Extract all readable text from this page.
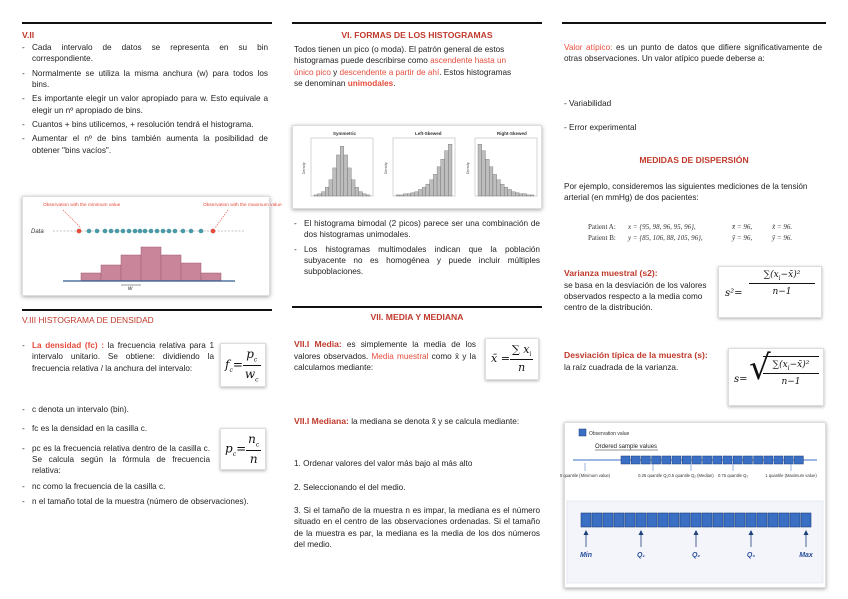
V.II
- Cada intervalo de datos se representa en su bin correspondiente.
- Normalmente se utiliza la misma anchura (w) para todos los bins.
- Es importante elegir un valor apropiado para w. Esto equivale a elegir un nº apropiado de bins.
- Cuantos + bins utilicemos, + resolución tendrá el histograma.
- Aumentar el nº de bins también aumenta la posibilidad de obtener "bins vacíos".
Observation with the minimum value	Observation with the maximum value
Data
w
V.III HISTOGRAMA DE DENSIDAD
- La densidad (fc) : la frecuencia relativa para 1 intervalo unitario. Se obtiene: dividiendo la frecuencia relativa / la anchura del intervalo:
- c denota un intervalo (bin).
- fc es la densidad en la casilla c.
- pc es la frecuencia relativa dentro de la casilla c. Se calcula según la fórmula de frecuencia relativa:
- nc como la frecuencia de la casilla c.
- n el tamaño total de la muestra (número de observaciones).
$f_c= \frac{p_c}{w_c}$
$p_c= \frac{n_c}{n}$
VI. FORMAS DE LOS HISTOGRAMAS
Todos tienen un pico (o moda). El patrón general de estos histogramas puede describirse como ascendente hasta un único pico y descendente a partir de ahí. Estos histogramas se denominan unimodales.
Symmetric
Density
Left-Skewed
Density
Right-Skewed
Density
- El histograma bimodal (2 picos) parece ser una combinación de dos histogramas unimodales.
- Los histogramas multimodales indican que la población subyacente no es homogénea y puede incluir múltiples subpoblaciones.
VII. MEDIA Y MEDIANA
VII.I Media: es simplemente la media de los valores observados. Media muestral como x̄ y la calculamos mediante:
x̄ = $\frac{\sum x_i}{n}$
VII.I Mediana: la mediana se denota x̃ y se calcula mediante:
1. Ordenar valores del valor más bajo al más alto
2. Seleccionando el del medio.
3. Si el tamaño de la muestra n es impar, la mediana es el número situado en el centro de las observaciones ordenadas. Si el tamaño de la muestra es par, la mediana es la media de los dos números del medio.
Valor atípico: es un punto de datos que difiere significativamente de otras observaciones. Un valor atípico puede deberse a:
- Variabilidad
- Error experimental
MEDIDAS DE DISPERSIÓN
Por ejemplo, consideremos las siguientes mediciones de la tensión arterial (en mmHg) de dos pacientes:
Patient A: x = {95, 98, 96, 95, 96},	x̄ = 96,	x̃ = 96.
Patient B: y = {85, 106, 88, 105, 96},	ȳ = 96,	ỹ = 96.
Varianza muestral (s2):
se basa en la desviación de los valores observados respecto a la media como centro de la distribución.
s²=
$\sum(x_i-x̄)^2$
n−1
Desviación típica de la muestra (s):
la raíz cuadrada de la varianza.
s= √ $\sum(x_i-x̄)^2$
n−1
Observation value
Ordered sample values
0 quantile (Minimum value)	0.25 quantile Q₁ 0.5 quantile Q₂ (Median) 0.75 quantile Q₃	1 quantile (Maximum value)
Min	Q₁	Q₂	Q₃	Max
